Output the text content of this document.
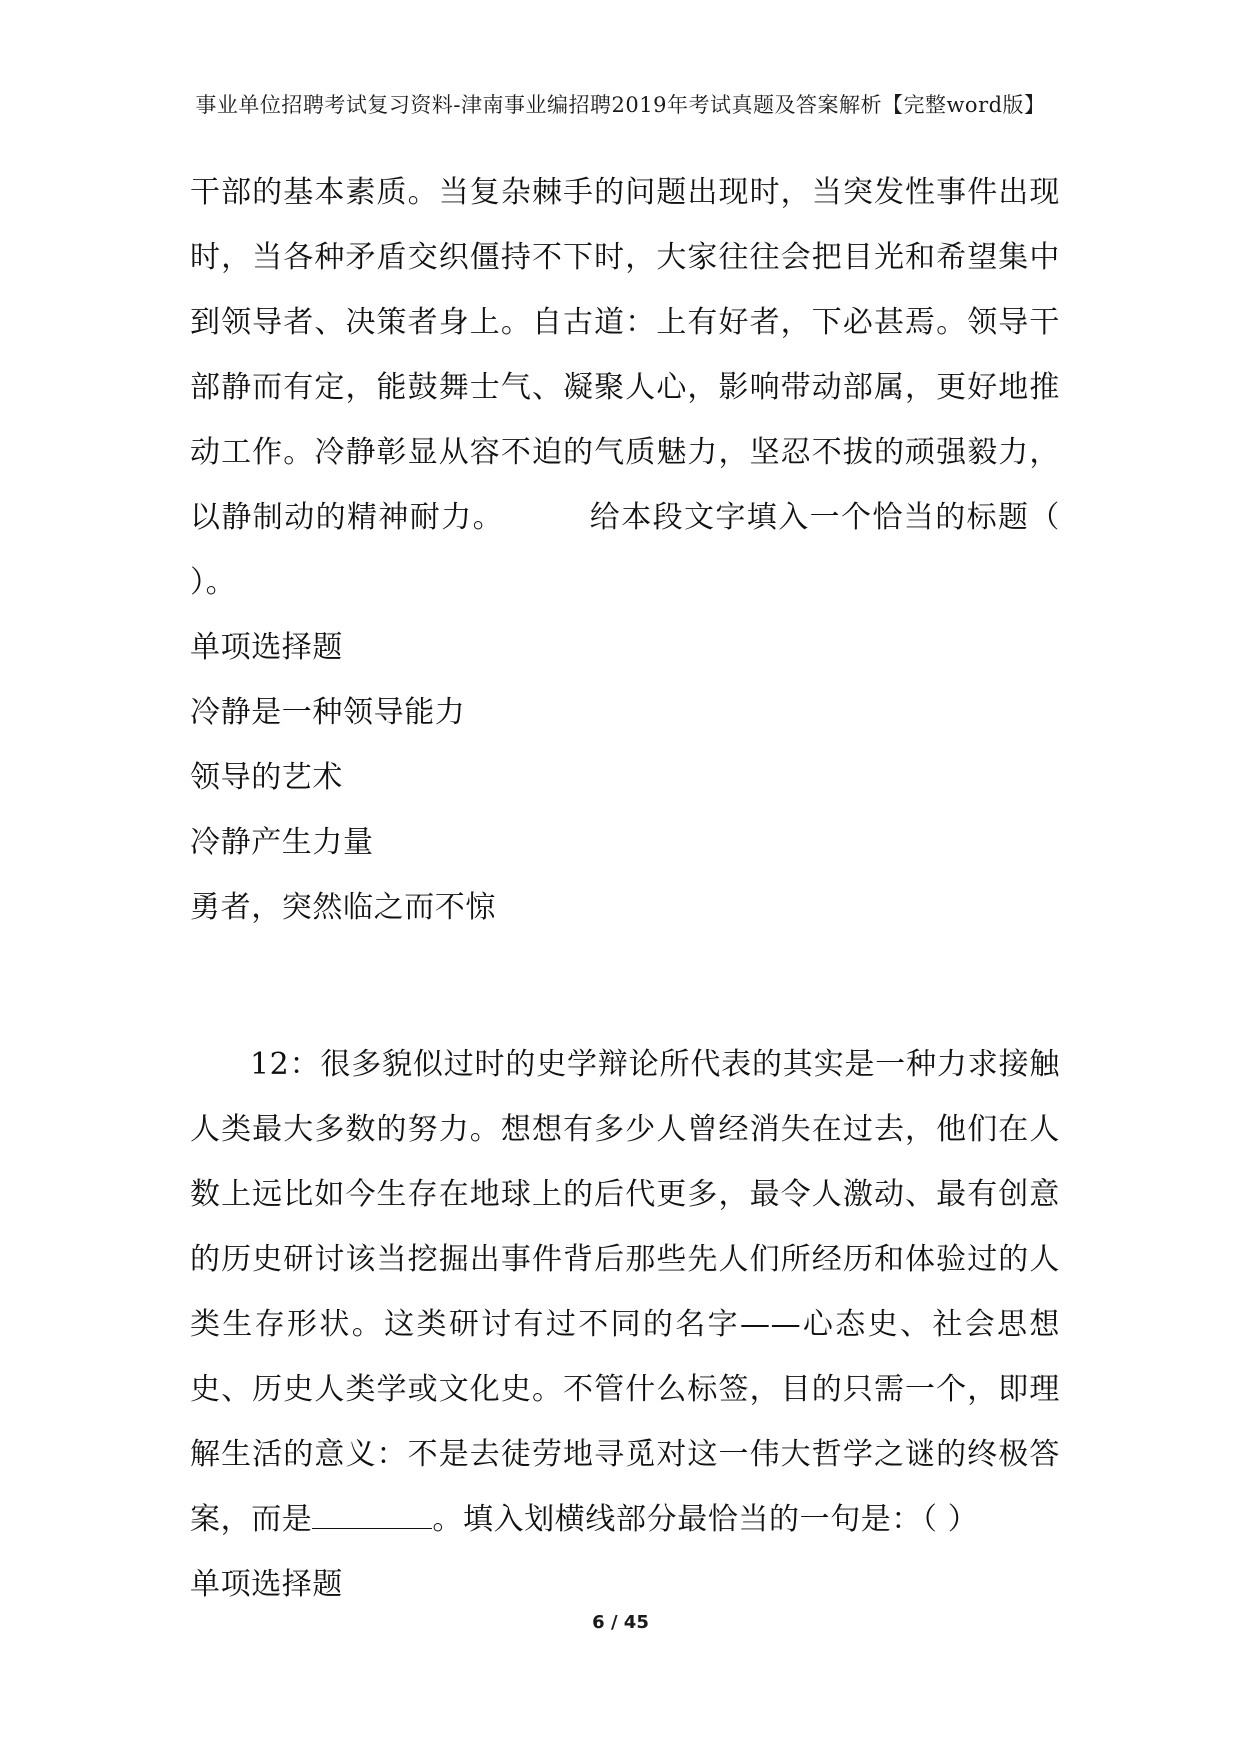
事业单位招聘考试复习资料-津南事业编招聘2019年考试真题及答案解析【完整word版】

干部的基本素质。当复杂棘手的问题出现时，当突发性事件出现时，当各种矛盾交织僵持不下时，大家往往会把目光和希望集中到领导者、决策者身上。自古道：上有好者，下必甚焉。领导干部静而有定，能鼓舞士气、凝聚人心，影响带动部属，更好地推动工作。冷静彰显从容不迫的气质魅力，坚忍不拔的顽强毅力，以静制动的精神耐力。	给本段文字填入一个恰当的标题（ ）。

单项选择题

冷静是一种领导能力

领导的艺术

冷静产生力量

勇者，突然临之而不惊

12：很多貌似过时的史学辩论所代表的其实是一种力求接触人类最大多数的努力。想想有多少人曾经消失在过去，他们在人数上远比如今生存在地球上的后代更多，最令人激动、最有创意的历史研讨该当挖掘出事件背后那些先人们所经历和体验过的人类生存形状。这类研讨有过不同的名字——心态史、社会思想史、历史人类学或文化史。不管什么标签，目的只需一个，即理解生活的意义：不是去徒劳地寻觅对这一伟大哲学之谜的终极答案，而是	。填入划横线部分最恰当的一句是：（ ）

单项选择题

6 / 45
